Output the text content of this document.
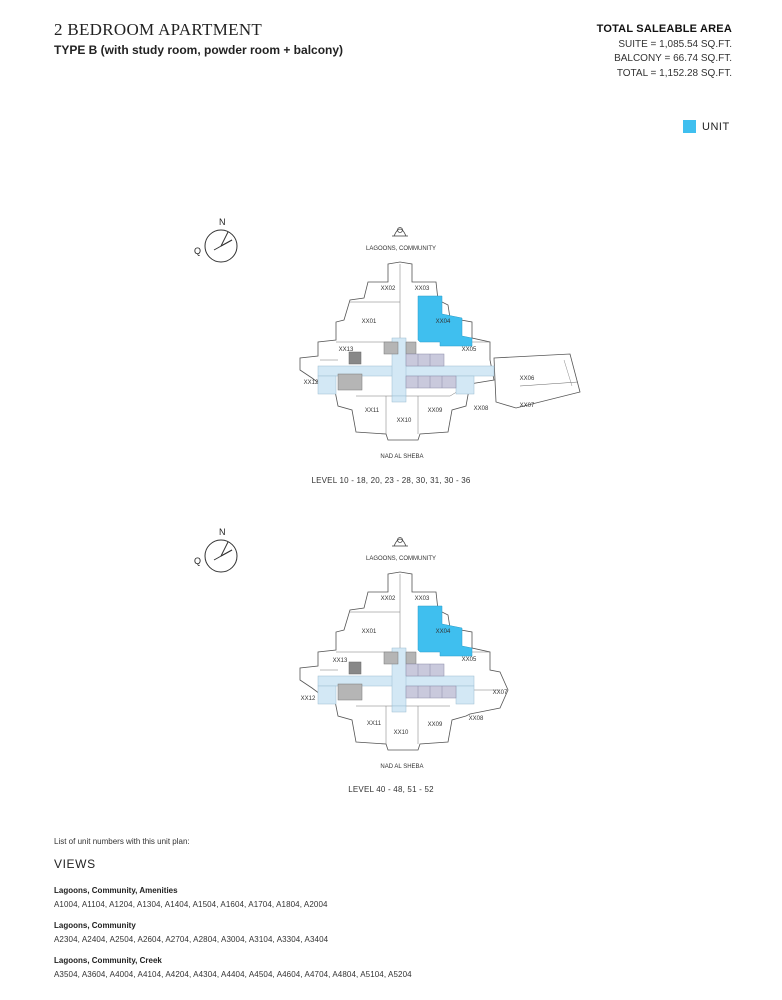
2 BEDROOM APARTMENT
TYPE B (with study room, powder room + balcony)
TOTAL SALEABLE AREA
SUITE = 1,085.54 SQ.FT.
BALCONY = 66.74 SQ.FT.
TOTAL = 1,152.28 SQ.FT.
UNIT
N
Q	LAGOONS, COMMUNITY
XX02	XX03
XX01	XX04
XX05
XX06
XX07
XX08
XX09
XX10
XX11
XX12
XX13
NAD AL SHEBA
LEVEL 10 - 18, 20, 23 - 28, 30, 31, 30 - 36
N
Q	LAGOONS, COMMUNITY
XX02	XX03
XX01	XX04
XX05
XX07
XX08
XX09
XX10
XX11
XX12
XX13
NAD AL SHEBA
LEVEL 40 - 48, 51 - 52
List of unit numbers with this unit plan:
VIEWS
Lagoons, Community, Amenities
A1004, A1104, A1204, A1304, A1404, A1504, A1604, A1704, A1804, A2004
Lagoons, Community
A2304, A2404, A2504, A2604, A2704, A2804, A3004, A3104, A3304, A3404
Lagoons, Community, Creek
A3504, A3604, A4004, A4104, A4204, A4304, A4404, A4504, A4604, A4704, A4804, A5104, A5204
